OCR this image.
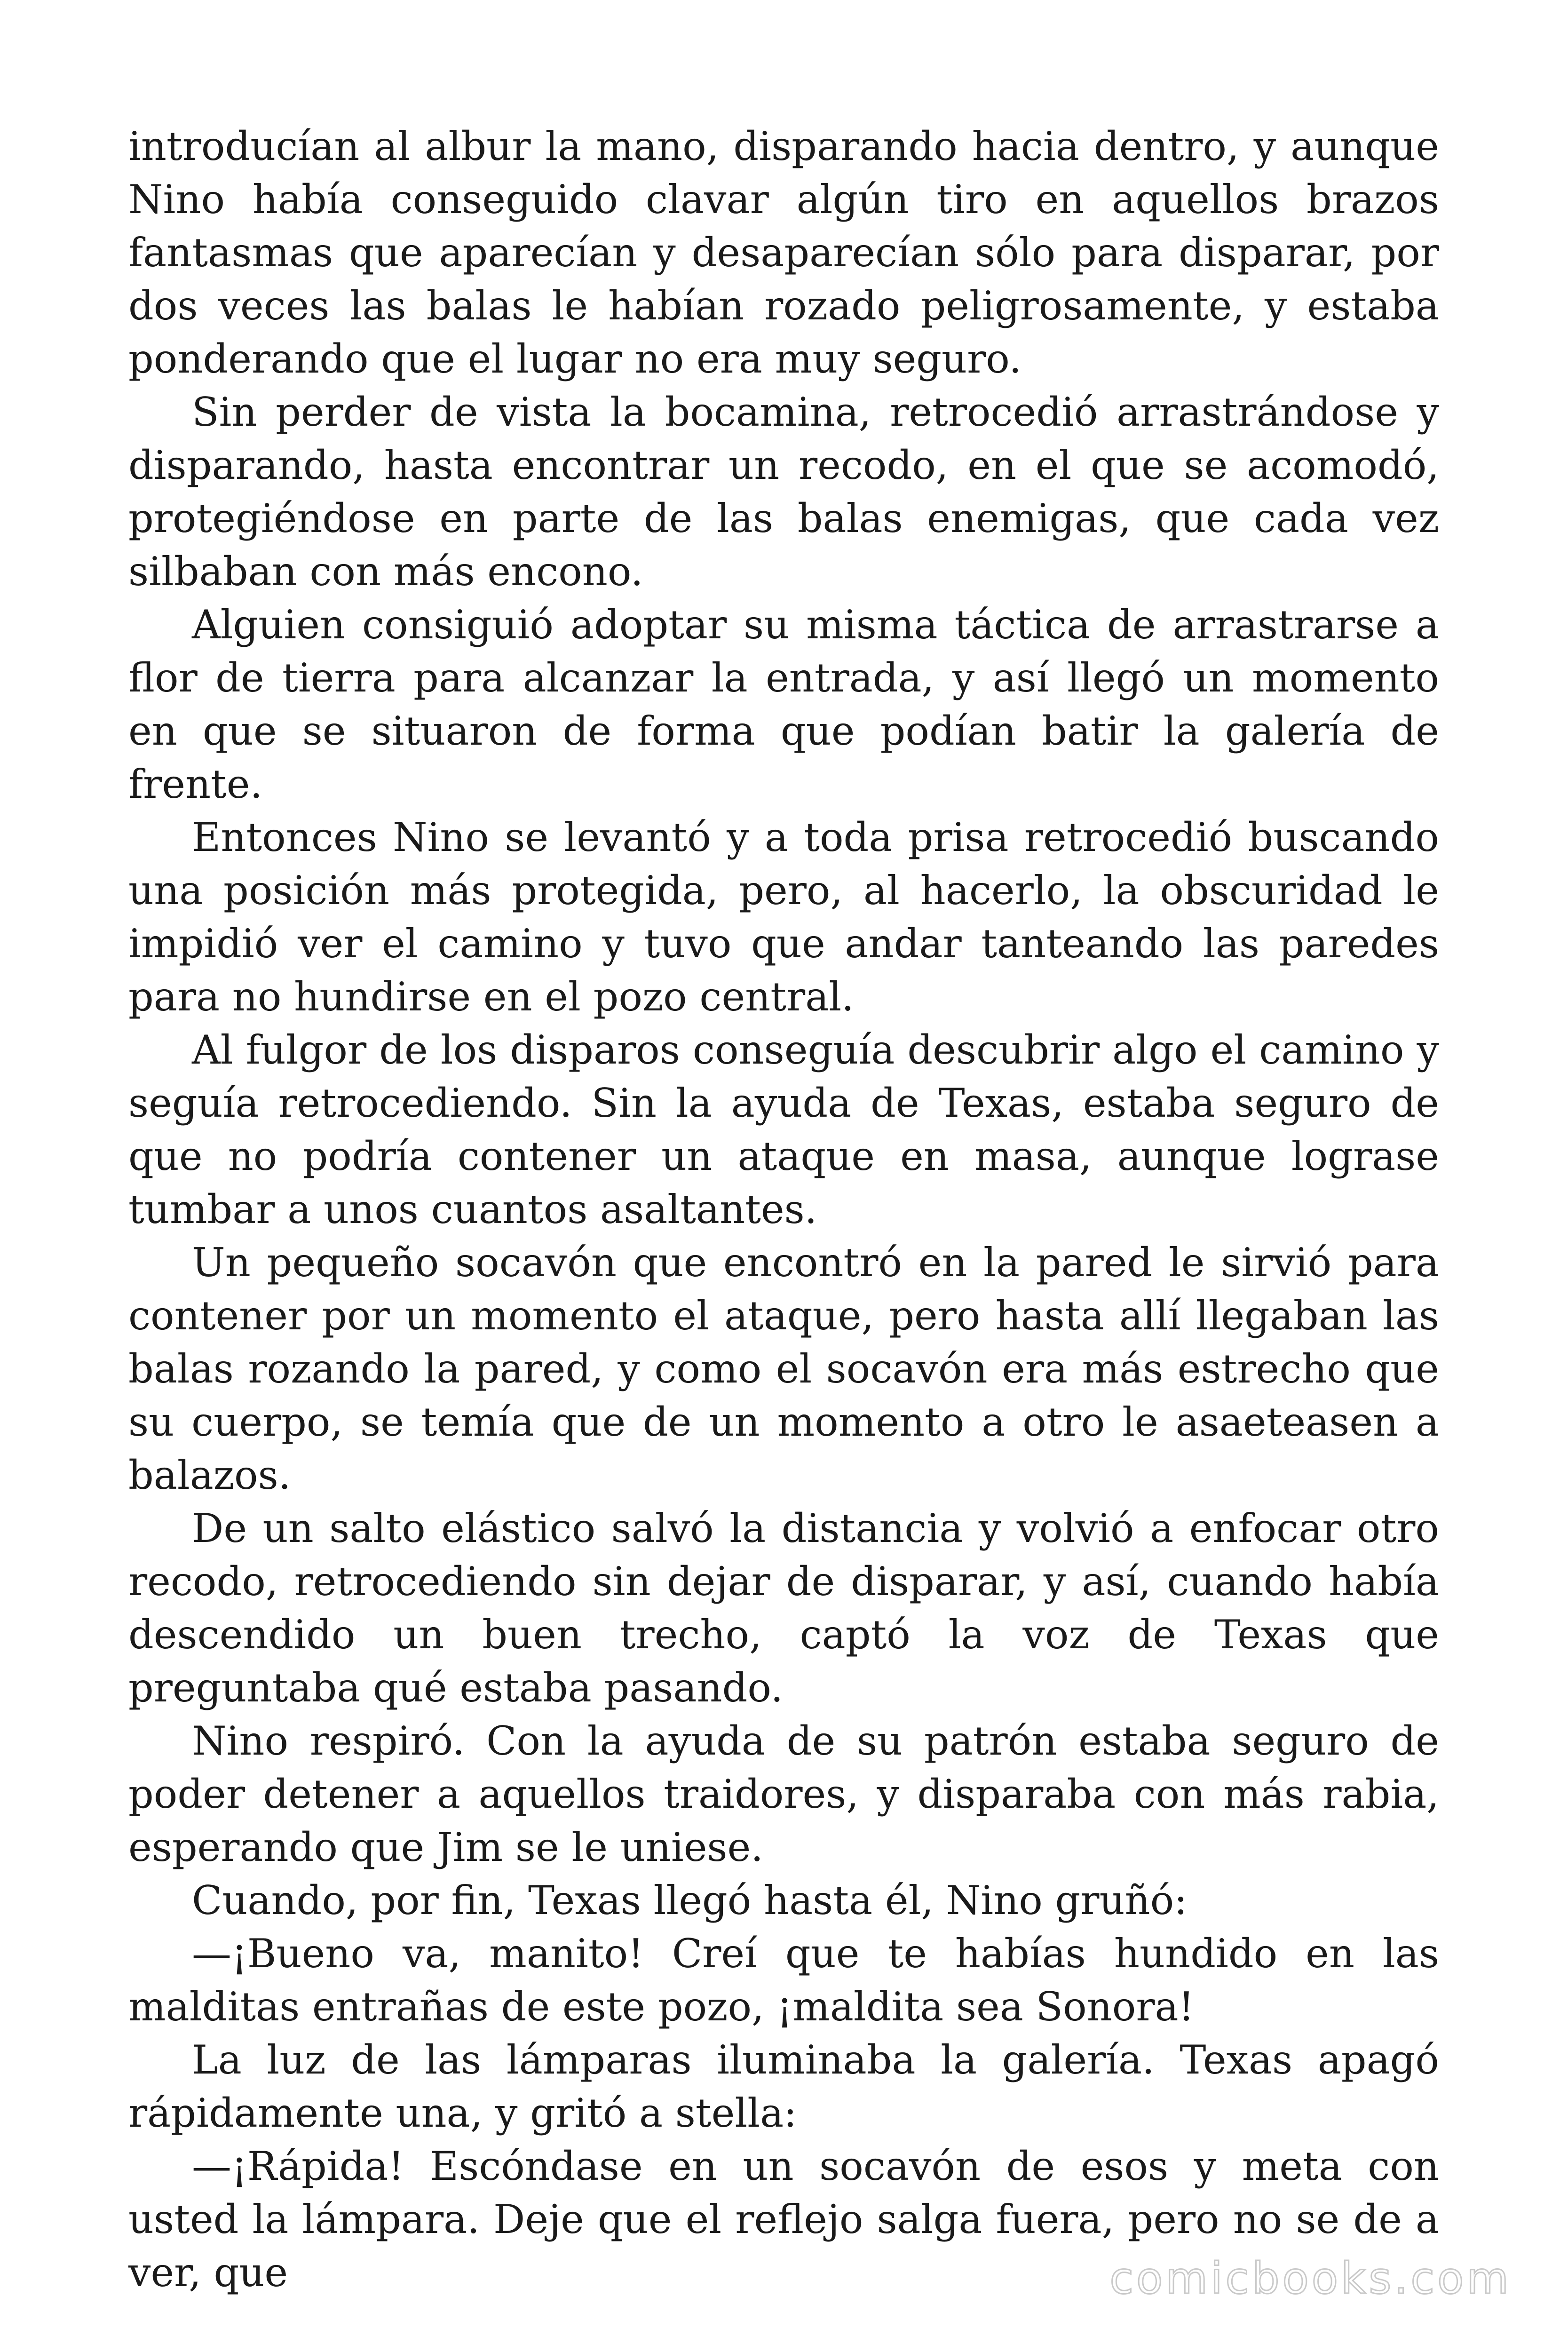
introducían al albur la mano, disparando hacia dentro, y aunque Nino había conseguido clavar algún tiro en aquellos brazos fantasmas que aparecían y desaparecían sólo para disparar, por dos veces las balas le habían rozado peligrosamente, y estaba ponderando que el lugar no era muy seguro.

Sin perder de vista la bocamina, retrocedió arrastrándose y disparando, hasta encontrar un recodo, en el que se acomodó, protegiéndose en parte de las balas enemigas, que cada vez silbaban con más encono.

Alguien consiguió adoptar su misma táctica de arrastrarse a flor de tierra para alcanzar la entrada, y así llegó un momento en que se situaron de forma que podían batir la galería de frente.

Entonces Nino se levantó y a toda prisa retrocedió buscando una posición más protegida, pero, al hacerlo, la obscuridad le impidió ver el camino y tuvo que andar tanteando las paredes para no hundirse en el pozo central.

Al fulgor de los disparos conseguía descubrir algo el camino y seguía retrocediendo. Sin la ayuda de Texas, estaba seguro de que no podría contener un ataque en masa, aunque lograse tumbar a unos cuantos asaltantes.

Un pequeño socavón que encontró en la pared le sirvió para contener por un momento el ataque, pero hasta allí llegaban las balas rozando la pared, y como el socavón era más estrecho que su cuerpo, se temía que de un momento a otro le asaeteasen a balazos.

De un salto elástico salvó la distancia y volvió a enfocar otro recodo, retrocediendo sin dejar de disparar, y así, cuando había descendido un buen trecho, captó la voz de Texas que preguntaba qué estaba pasando.

Nino respiró. Con la ayuda de su patrón estaba seguro de poder detener a aquellos traidores, y disparaba con más rabia, esperando que Jim se le uniese.

Cuando, por fin, Texas llegó hasta él, Nino gruñó:

—¡Bueno va, manito! Creí que te habías hundido en las malditas entrañas de este pozo, ¡maldita sea Sonora!

La luz de las lámparas iluminaba la galería. Texas apagó rápidamente una, y gritó a stella:

—¡Rápida! Escóndase en un socavón de esos y meta con usted la lámpara. Deje que el reflejo salga fuera, pero no se de a ver, que	comicbooks.com
